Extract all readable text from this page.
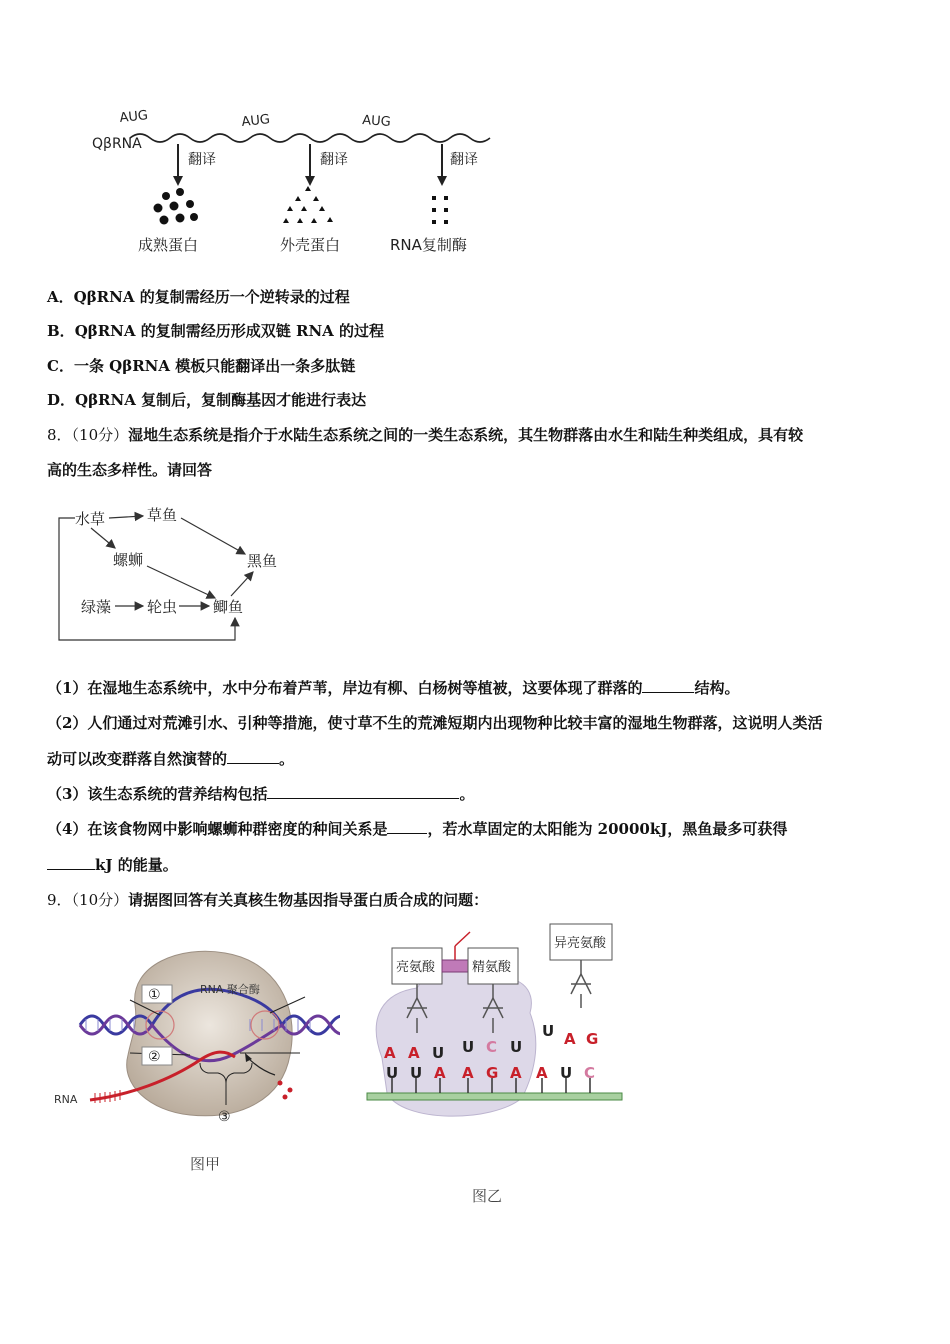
QβRNA
AUG	AUG	AUG
翻译	翻译	翻译
成熟蛋白	外壳蛋白	RNA复制酶
A．QβRNA 的复制需经历一个逆转录的过程
B．QβRNA 的复制需经历形成双链 RNA 的过程
C．一条 QβRNA 模板只能翻译出一条多肽链
D．QβRNA 复制后，复制酶基因才能进行表达
8．（10分）湿地生态系统是指介于水陆生态系统之间的一类生态系统，其生物群落由水生和陆生种类组成，具有较
高的生态多样性。请回答
水草	草鱼
螺蛳	黑鱼
绿藻 轮虫 鲫鱼
（1）在湿地生态系统中，水中分布着芦苇，岸边有柳、白杨树等植被，这要体现了群落的	结构。
（2）人们通过对荒滩引水、引种等措施，使寸草不生的荒滩短期内出现物种比较丰富的湿地生物群落，这说明人类活
动可以改变群落自然演替的	。
（3）该生态系统的营养结构包括	。
（4）在该食物网中影响螺蛳种群密度的种间关系是	，若水草固定的太阳能为 20000kJ，黑鱼最多可获得
kJ 的能量。
9．（10分）请据图回答有关真核生物基因指导蛋白质合成的问题：
①
②
③
RNA 聚合酶
RNA
图甲
亮氨酸	精氨酸
异亮氨酸
A A U U C U
U A G
U U A A G A A U C
图乙
